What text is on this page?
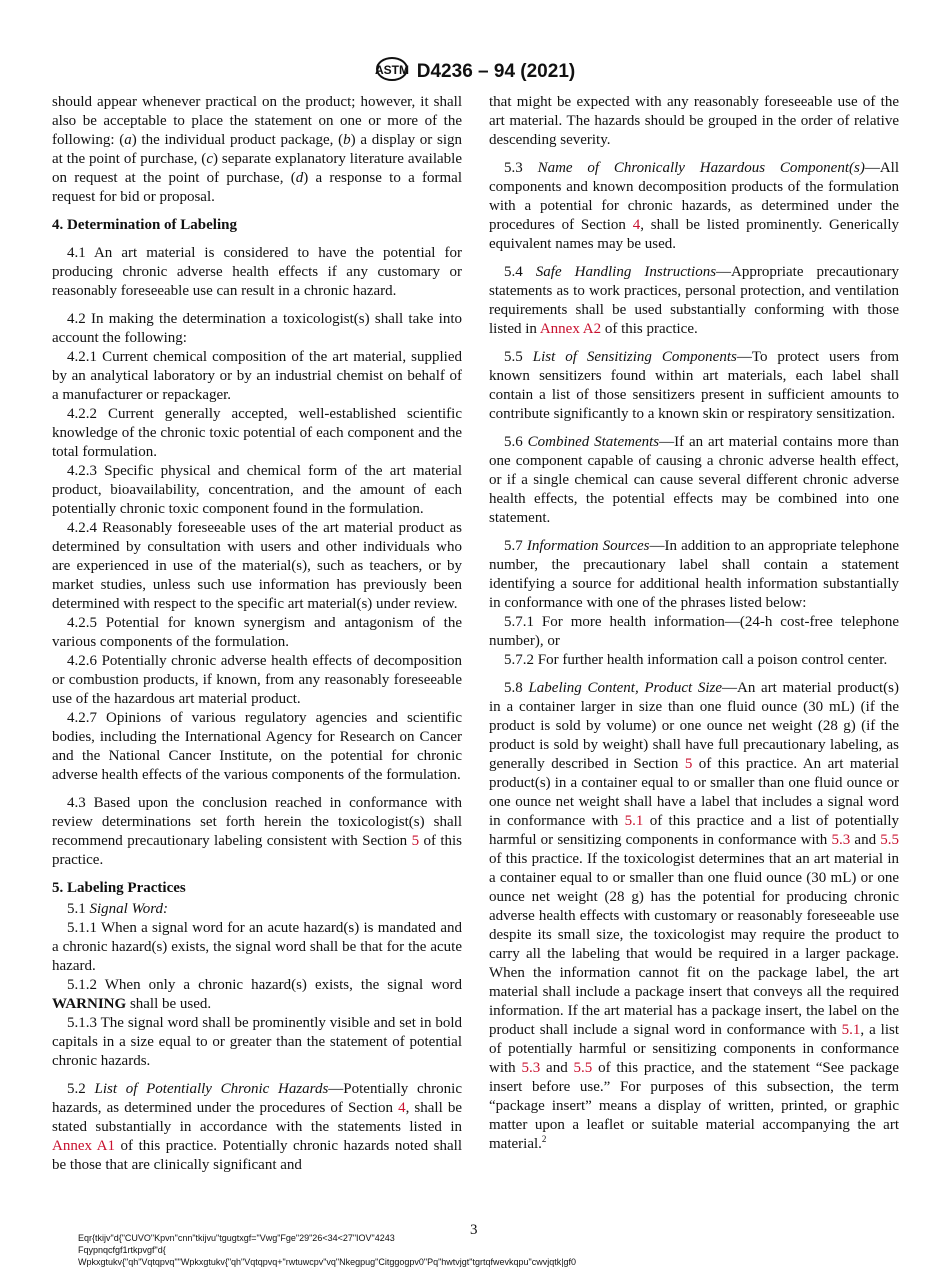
ASTM D4236 – 94 (2021)

should appear whenever practical on the product; however, it shall also be acceptable to place the statement on one or more of the following: (a) the individual product package, (b) a display or sign at the point of purchase, (c) separate explanatory literature available on request at the point of purchase, (d) a response to a formal request for bid or proposal.

4. Determination of Labeling

4.1 An art material is considered to have the potential for producing chronic adverse health effects if any customary or reasonably foreseeable use can result in a chronic hazard.

4.2 In making the determination a toxicologist(s) shall take into account the following:

4.2.1 Current chemical composition of the art material, supplied by an analytical laboratory or by an industrial chemist on behalf of a manufacturer or repackager.

4.2.2 Current generally accepted, well-established scientific knowledge of the chronic toxic potential of each component and the total formulation.

4.2.3 Specific physical and chemical form of the art material product, bioavailability, concentration, and the amount of each potentially chronic toxic component found in the formulation.

4.2.4 Reasonably foreseeable uses of the art material product as determined by consultation with users and other individuals who are experienced in use of the material(s), such as teachers, or by market studies, unless such use information has previously been determined with respect to the specific art material(s) under review.

4.2.5 Potential for known synergism and antagonism of the various components of the formulation.

4.2.6 Potentially chronic adverse health effects of decomposition or combustion products, if known, from any reasonably foreseeable use of the hazardous art material product.

4.2.7 Opinions of various regulatory agencies and scientific bodies, including the International Agency for Research on Cancer and the National Cancer Institute, on the potential for chronic adverse health effects of the various components of the formulation.

4.3 Based upon the conclusion reached in conformance with review determinations set forth herein the toxicologist(s) shall recommend precautionary labeling consistent with Section 5 of this practice.

5. Labeling Practices

5.1 Signal Word:

5.1.1 When a signal word for an acute hazard(s) is mandated and a chronic hazard(s) exists, the signal word shall be that for the acute hazard.

5.1.2 When only a chronic hazard(s) exists, the signal word WARNING shall be used.

5.1.3 The signal word shall be prominently visible and set in bold capitals in a size equal to or greater than the statement of potential chronic hazards.

5.2 List of Potentially Chronic Hazards—Potentially chronic hazards, as determined under the procedures of Section 4, shall be stated substantially in accordance with the statements listed in Annex A1 of this practice. Potentially chronic hazards noted shall be those that are clinically significant and

that might be expected with any reasonably foreseeable use of the art material. The hazards should be grouped in the order of relative descending severity.

5.3 Name of Chronically Hazardous Component(s)—All components and known decomposition products of the formulation with a potential for chronic hazards, as determined under the procedures of Section 4, shall be listed prominently. Generically equivalent names may be used.

5.4 Safe Handling Instructions—Appropriate precautionary statements as to work practices, personal protection, and ventilation requirements shall be used substantially conforming with those listed in Annex A2 of this practice.

5.5 List of Sensitizing Components—To protect users from known sensitizers found within art materials, each label shall contain a list of those sensitizers present in sufficient amounts to contribute significantly to a known skin or respiratory sensitization.

5.6 Combined Statements—If an art material contains more than one component capable of causing a chronic adverse health effect, or if a single chemical can cause several different chronic adverse health effects, the potential effects may be combined into one statement.

5.7 Information Sources—In addition to an appropriate telephone number, the precautionary label shall contain a statement identifying a source for additional health information substantially in conformance with one of the phrases listed below:

5.7.1 For more health information—(24-h cost-free telephone number), or

5.7.2 For further health information call a poison control center.

5.8 Labeling Content, Product Size—An art material product(s) in a container larger in size than one fluid ounce (30 mL) (if the product is sold by volume) or one ounce net weight (28 g) (if the product is sold by weight) shall have full precautionary labeling, as generally described in Section 5 of this practice. An art material product(s) in a container equal to or smaller than one fluid ounce or one ounce net weight shall have a label that includes a signal word in conformance with 5.1 of this practice and a list of potentially harmful or sensitizing components in conformance with 5.3 and 5.5 of this practice. If the toxicologist determines that an art material in a container equal to or smaller than one fluid ounce (30 mL) or one ounce net weight (28 g) has the potential for producing chronic adverse health effects with customary or reasonably foreseeable use despite its small size, the toxicologist may require the product to carry all the labeling that would be required in a larger package. When the information cannot fit on the package label, the art material shall include a package insert that conveys all the required information. If the art material has a package insert, the label on the product shall include a signal word in conformance with 5.1, a list of potentially harmful or sensitizing components in conformance with 5.3 and 5.5 of this practice, and the statement “See package insert before use.” For purposes of this subsection, the term “package insert” means a display of written, printed, or graphic matter upon a leaflet or suitable material accompanying the art material.$^2$

3
Eqr{tkijv"d{"CUVO"Kpvn"cnn"tkijvu"tgugtxgf="Vwg"Fge"29"26<34<27"IOV"4243
Fqypnqcfgf1rtkpvgf"d{
Wpkxgtukv{"qh"Vqtqpvq""Wpkxgtukv{"qh"Vqtqpvq+"rwtuwcpv"vq"Nkegpug"Citggogpv0"Pq"hwtvjgt"tgrtqfwevkqpu"cwvjqtk|gf0
